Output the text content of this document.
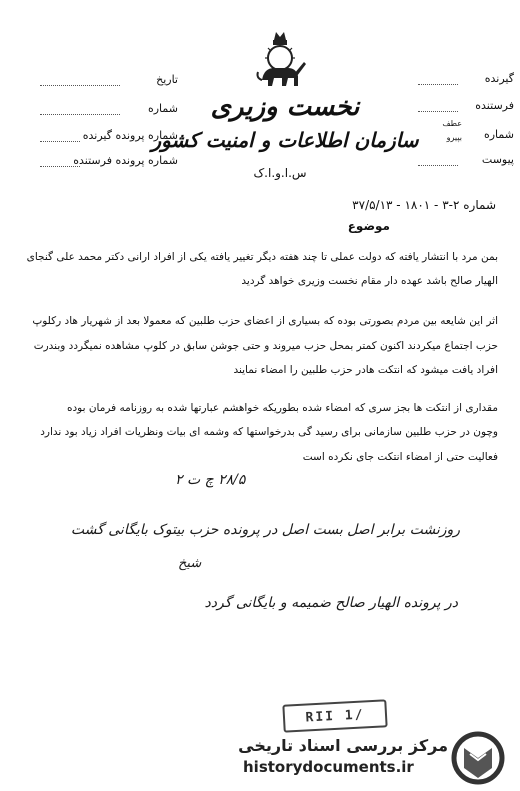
گیرنده
فرستنده
شماره
عطف
بپیرو
پیوست
تاریخ
شماره
شماره پرونده گیرنده
شماره پرونده فرستنده
نخست وزیری
سازمان اطلاعات و امنیت کشور
س.ا.و.ا.ک
شماره ۲-۳ - ۱۸۰۱ - ۳۷/۵/۱۳
موضوع
بمن مرد با انتشار یافته که دولت عملی تا چند هفته دیگر تغییر یافته یکی از افراد ارانی دکتر محمد علی گنجای
الهیار صالح باشد عهده دار مقام نخست وزیری خواهد گردید
اثر این شایعه بین مردم بصورتی بوده که بسیاری از اعضای حزب طلبین که معمولا بعد از شهریار هاد رکلوپ
حزب اجتماع میکردند اکنون کمتر بمحل حزب میروند و حتی جوشن سابق در کلوپ مشاهده نمیگردد وبندرت
افراد یافت میشود که انتکت هادر حزب طلبین را امضاء نمایند
مقداری از انتکت ها بجز سری که امضاء شده بطوریکه خواهشم عبارتها شده به روزنامه فرمان بوده
وچون در حزب طلبین سازمانی برای رسید گی بدرخواستها که وشمه ای بیات ونظریات افراد زیاد بود ندارد
فعالیت حتی از امضاء انتکت جای نکرده است
۲۸/۵ چ ت ۲
روزنشت برابر اصل بست اصل در پرونده حزب بیتوک بایگانی گشت
شیخ
در پرونده الهیار صالح ضمیمه و بایگانی گردد
RII 1/
مرکز بررسی اسناد تاریخی
historydocuments.ir
